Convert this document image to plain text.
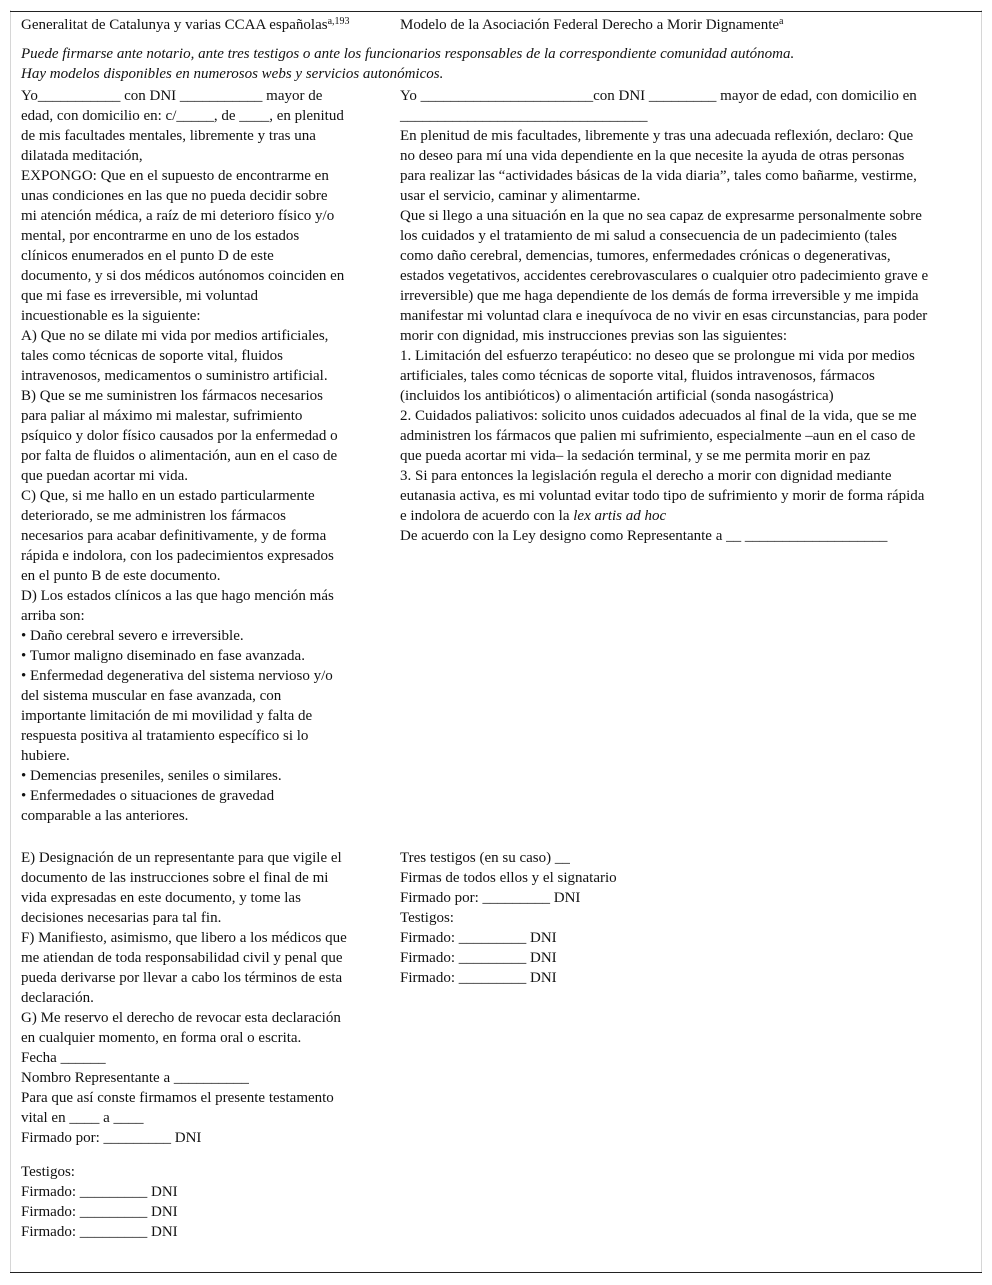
Generalitat de Catalunya y varias CCAA españolas$^{a,193}$	Modelo de la Asociación Federal Derecho a Morir Dignamente$^a$
Puede firmarse ante notario, ante tres testigos o ante los funcionarios responsables de la correspondiente comunidad autónoma.
Hay modelos disponibles en numerosos webs y servicios autonómicos.
Yo___________ con DNI ___________ mayor de
edad, con domicilio en: c/_____, de ____, en plenitud
de mis facultades mentales, libremente y tras una
dilatada meditación,
EXPONGO: Que en el supuesto de encontrarme en
unas condiciones en las que no pueda decidir sobre
mi atención médica, a raíz de mi deterioro físico y/o
mental, por encontrarme en uno de los estados
clínicos enumerados en el punto D de este
documento, y si dos médicos autónomos coinciden en
que mi fase es irreversible, mi voluntad
incuestionable es la siguiente:
A) Que no se dilate mi vida por medios artificiales,
tales como técnicas de soporte vital, fluidos
intravenosos, medicamentos o suministro artificial.
B) Que se me suministren los fármacos necesarios
para paliar al máximo mi malestar, sufrimiento
psíquico y dolor físico causados por la enfermedad o
por falta de fluidos o alimentación, aun en el caso de
que puedan acortar mi vida.
C) Que, si me hallo en un estado particularmente
deteriorado, se me administren los fármacos
necesarios para acabar definitivamente, y de forma
rápida e indolora, con los padecimientos expresados
en el punto B de este documento.
D) Los estados clínicos a las que hago mención más
arriba son:
• Daño cerebral severo e irreversible.
• Tumor maligno diseminado en fase avanzada.
• Enfermedad degenerativa del sistema nervioso y/o
del sistema muscular en fase avanzada, con
importante limitación de mi movilidad y falta de
respuesta positiva al tratamiento específico si lo
hubiere.
• Demencias preseniles, seniles o similares.
• Enfermedades o situaciones de gravedad
comparable a las anteriores.
E) Designación de un representante para que vigile el
documento de las instrucciones sobre el final de mi
vida expresadas en este documento, y tome las
decisiones necesarias para tal fin.
F) Manifiesto, asimismo, que libero a los médicos que
me atiendan de toda responsabilidad civil y penal que
pueda derivarse por llevar a cabo los términos de esta
declaración.
G) Me reservo el derecho de revocar esta declaración
en cualquier momento, en forma oral o escrita.
Fecha ______
Nombro Representante a __________
Para que así conste firmamos el presente testamento
vital en ____ a ____
Firmado por: _________ DNI
Testigos:
Firmado: _________ DNI
Firmado: _________ DNI
Firmado: _________ DNI
Yo _______________________con DNI _________ mayor de edad, con domicilio en
_________________________________
En plenitud de mis facultades, libremente y tras una adecuada reflexión, declaro: Que
no deseo para mí una vida dependiente en la que necesite la ayuda de otras personas
para realizar las “actividades básicas de la vida diaria”, tales como bañarme, vestirme,
usar el servicio, caminar y alimentarme.
Que si llego a una situación en la que no sea capaz de expresarme personalmente sobre
los cuidados y el tratamiento de mi salud a consecuencia de un padecimiento (tales
como daño cerebral, demencias, tumores, enfermedades crónicas o degenerativas,
estados vegetativos, accidentes cerebrovasculares o cualquier otro padecimiento grave e
irreversible) que me haga dependiente de los demás de forma irreversible y me impida
manifestar mi voluntad clara e inequívoca de no vivir en esas circunstancias, para poder
morir con dignidad, mis instrucciones previas son las siguientes:
1. Limitación del esfuerzo terapéutico: no deseo que se prolongue mi vida por medios
artificiales, tales como técnicas de soporte vital, fluidos intravenosos, fármacos
(incluidos los antibióticos) o alimentación artificial (sonda nasogástrica)
2. Cuidados paliativos: solicito unos cuidados adecuados al final de la vida, que se me
administren los fármacos que palien mi sufrimiento, especialmente –aun en el caso de
que pueda acortar mi vida– la sedación terminal, y se me permita morir en paz
3. Si para entonces la legislación regula el derecho a morir con dignidad mediante
eutanasia activa, es mi voluntad evitar todo tipo de sufrimiento y morir de forma rápida
e indolora de acuerdo con la lex artis ad hoc
De acuerdo con la Ley designo como Representante a __ ___________________
Tres testigos (en su caso) __
Firmas de todos ellos y el signatario
Firmado por: _________ DNI
Testigos:
Firmado: _________ DNI
Firmado: _________ DNI
Firmado: _________ DNI
